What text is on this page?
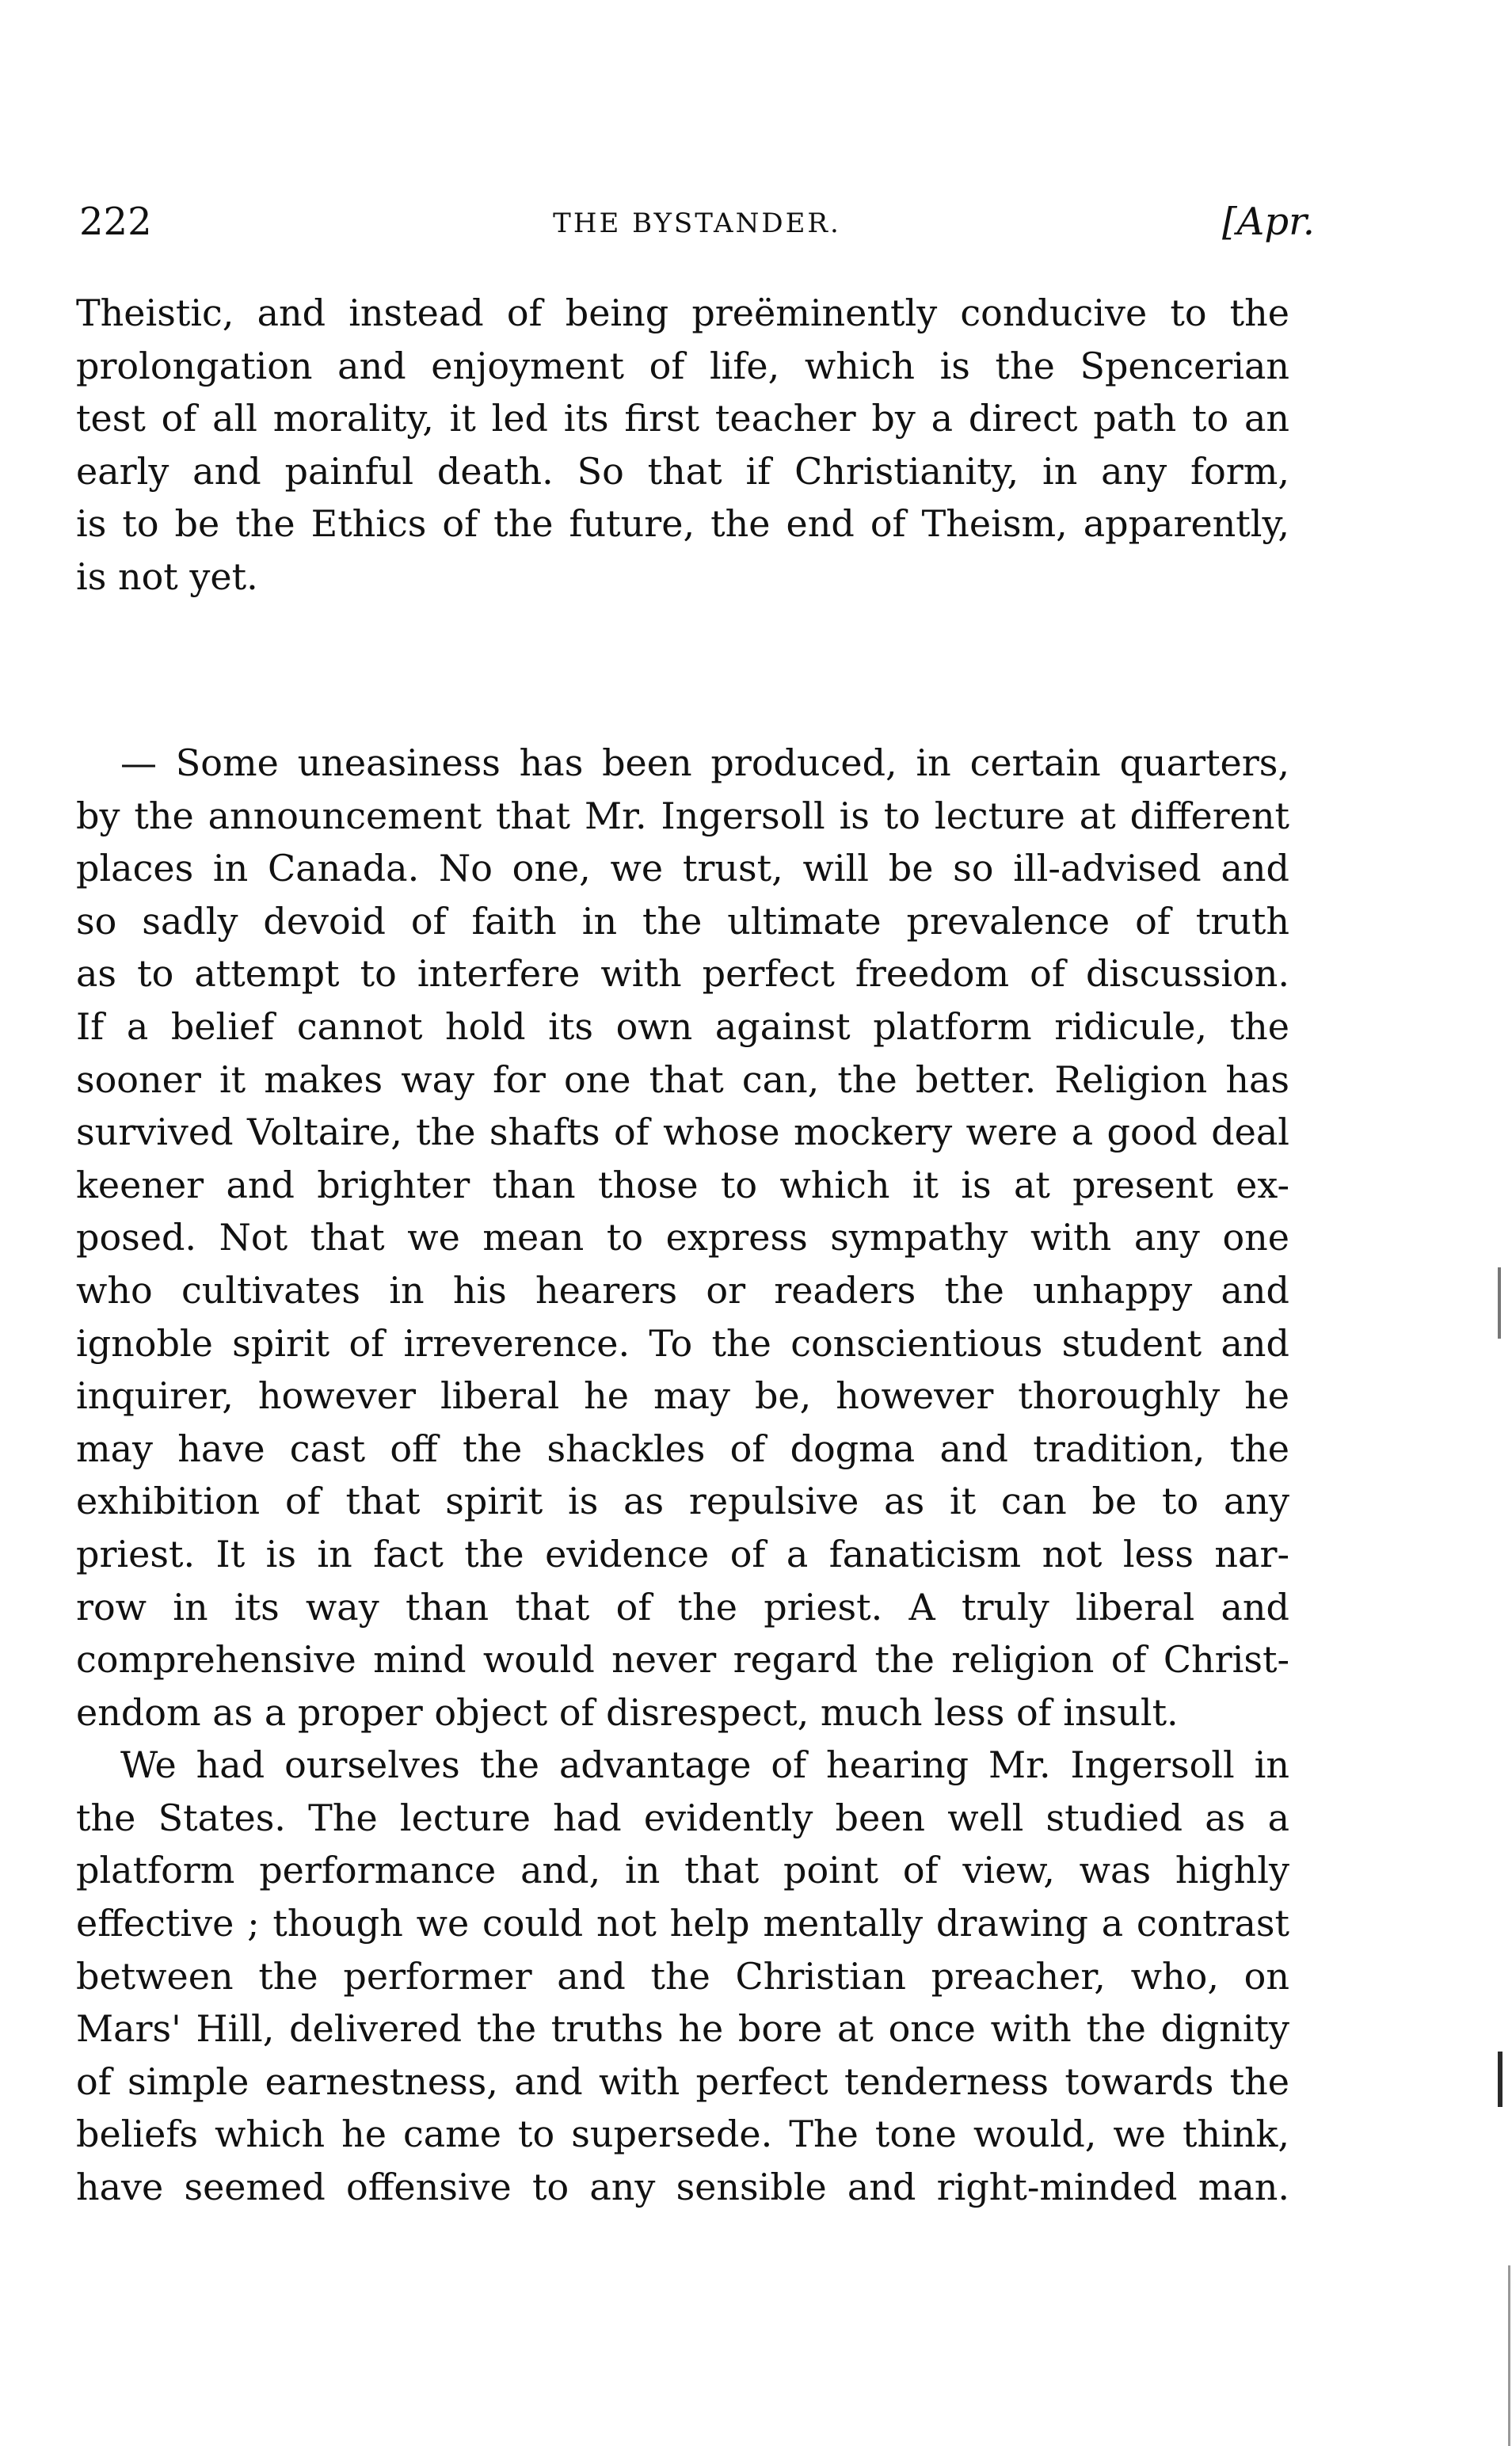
222	THE BYSTANDER.	[Apr.
Theistic, and instead of being preëminently conducive to the
prolongation and enjoyment of life, which is the Spencerian
test of all morality, it led its first teacher by a direct path to an
early and painful death. So that if Christianity, in any form,
is to be the Ethics of the future, the end of Theism, apparently,
is not yet.
— Some uneasiness has been produced, in certain quarters,
by the announcement that Mr. Ingersoll is to lecture at different
places in Canada. No one, we trust, will be so ill-advised and
so sadly devoid of faith in the ultimate prevalence of truth
as to attempt to interfere with perfect freedom of discussion.
If a belief cannot hold its own against platform ridicule, the
sooner it makes way for one that can, the better. Religion has
survived Voltaire, the shafts of whose mockery were a good deal
keener and brighter than those to which it is at present ex-
posed. Not that we mean to express sympathy with any one
who cultivates in his hearers or readers the unhappy and
ignoble spirit of irreverence. To the conscientious student and
inquirer, however liberal he may be, however thoroughly he
may have cast off the shackles of dogma and tradition, the
exhibition of that spirit is as repulsive as it can be to any
priest. It is in fact the evidence of a fanaticism not less nar-
row in its way than that of the priest. A truly liberal and
comprehensive mind would never regard the religion of Christ-
endom as a proper object of disrespect, much less of insult.
We had ourselves the advantage of hearing Mr. Ingersoll in
the States. The lecture had evidently been well studied as a
platform performance and, in that point of view, was highly
effective ; though we could not help mentally drawing a contrast
between the performer and the Christian preacher, who, on
Mars' Hill, delivered the truths he bore at once with the dignity
of simple earnestness, and with perfect tenderness towards the
beliefs which he came to supersede. The tone would, we think,
have seemed offensive to any sensible and right-minded man.
